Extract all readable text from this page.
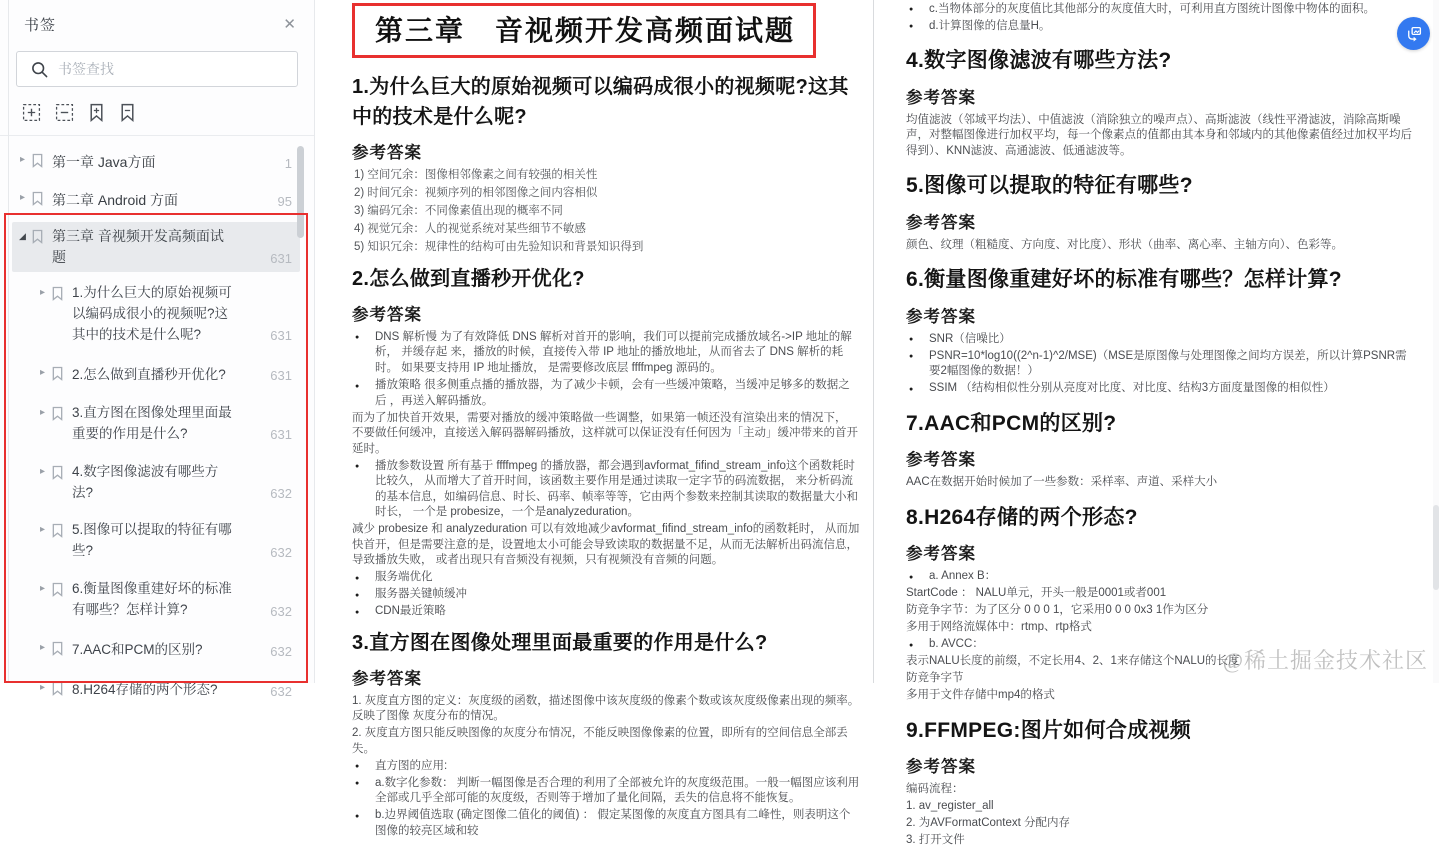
书签	✕
书签查找
▸	第一章 Java方面	1
▸	第二章 Android 方面	95
◢	第三章 音视频开发高频面试题	631
▸	1.为什么巨大的原始视频可以编码成很小的视频呢?这其中的技术是什么呢?	631
▸	2.怎么做到直播秒开优化?	631
▸	3.直方图在图像处理里面最重要的作用是什么?	631
▸	4.数字图像滤波有哪些方法?	632
▸	5.图像可以提取的特征有哪些?	632
▸	6.衡量图像重建好坏的标准有哪些？怎样计算?	632
▸	7.AAC和PCM的区别?	632
▸	8.H264存储的两个形态?	632
第三章　音视频开发高频面试题
1.为什么巨大的原始视频可以编码成很小的视频呢?这其中的技术是什么呢?
参考答案

1) 空间冗余：图像相邻像素之间有较强的相关性

2) 时间冗余：视频序列的相邻图像之间内容相似

3) 编码冗余：不同像素值出现的概率不同

4) 视觉冗余：人的视觉系统对某些细节不敏感

5) 知识冗余：规律性的结构可由先验知识和背景知识得到

2.怎么做到直播秒开优化?
参考答案
●	DNS 解析慢 为了有效降低 DNS 解析对首开的影响，我们可以提前完成播放域名->IP 地址的解析， 并缓存起 来，播放的时候，直接传入带 IP 地址的播放地址，从而省去了 DNS 解析的耗时。 如果要支持用 IP 地址播放， 是需要修改底层 ffffmpeg 源码的。
●	播放策略 很多侧重点播的播放器，为了减少卡顿，会有一些缓冲策略，当缓冲足够多的数据之后 ，再送入解码播放。

而为了加快首开效果，需要对播放的缓冲策略做一些调整，如果第一帧还没有渲染出来的情况下， 不要做任何缓冲，直接送入解码器解码播放，这样就可以保证没有任何因为「主动」缓冲带来的首开延时。

●	播放参数设置 所有基于 ffffmpeg 的播放器，都会遇到avformat_fifind_stream_info这个函数耗时比较久， 从而增大了首开时间，该函数主要作用是通过读取一定字节的码流数据， 来分析码流的基本信息，如编码信息、时长、码率、帧率等等，它由两个参数来控制其读取的数据量大小和时长， 一个是 probesize，一个是analyzeduration。

减少 probesize 和 analyzeduration 可以有效地减少avformat_fifind_stream_info的函数耗时， 从而加快首开，但是需要注意的是，设置地太小可能会导致读取的数据量不足，从而无法解析出码流信息，导致播放失败， 或者出现只有音频没有视频，只有视频没有音频的问题。

●	服务端优化
●	服务器关键帧缓冲
●	CDN最近策略
3.直方图在图像处理里面最重要的作用是什么?
参考答案

1. 灰度直方图的定义：灰度级的函数，描述图像中该灰度级的像素个数或该灰度级像素出现的频率。反映了图像 灰度分布的情况。

2. 灰度直方图只能反映图像的灰度分布情况，不能反映图像像素的位置，即所有的空间信息全部丢失。

●	直方图的应用:
●	a.数字化参数： 判断一幅图像是否合理的利用了全部被允许的灰度级范围。一般一幅图应该利用全部或几乎全部可能的灰度级，否则等于增加了量化间隔，丢失的信息将不能恢复。
●	b.边界阈值选取 (确定图像二值化的阈值) ： 假定某图像的灰度直方图具有二峰性，则表明这个图像的较亮区域和较
●	c.当物体部分的灰度值比其他部分的灰度值大时，可利用直方图统计图像中物体的面积。
●	d.计算图像的信息量H。
4.数字图像滤波有哪些方法?
参考答案

均值滤波（邻域平均法）、中值滤波（消除独立的噪声点）、高斯滤波（线性平滑滤波，消除高斯噪声，对整幅图像进行加权平均，每一个像素点的值都由其本身和邻域内的其他像素值经过加权平均后得到）、KNN滤波、高通滤波、低通滤波等。

5.图像可以提取的特征有哪些?
参考答案

颜色、纹理（粗糙度、方向度、对比度）、形状（曲率、离心率、主轴方向）、色彩等。

6.衡量图像重建好坏的标准有哪些？怎样计算?
参考答案
●	SNR（信噪比）
●	PSNR=10*log10((2^n-1)^2/MSE)（MSE是原图像与处理图像之间均方误差，所以计算PSNR需要2幅图像的数据！）
●	SSIM （结构相似性分别从亮度对比度、对比度、结构3方面度量图像的相似性）
7.AAC和PCM的区别?
参考答案

AAC在数据开始时候加了一些参数：采样率、声道、采样大小

8.H264存储的两个形态?
参考答案
●	a. Annex B：

StartCode ： NALU单元，开头一般是0001或者001

防竞争字节：为了区分 0 0 0 1，它采用0 0 0 0x3 1作为区分

多用于网络流媒体中：rtmp、rtp格式

●	b. AVCC：

表示NALU长度的前缀，不定长用4、2、1来存储这个NALU的长度

防竞争字节

多用于文件存储中mp4的格式

9.FFMPEG:图片如何合成视频
参考答案

编码流程：

1. av_register_all

2. 为AVFormatContext 分配内存

3. 打开文件

@稀土掘金技术社区
